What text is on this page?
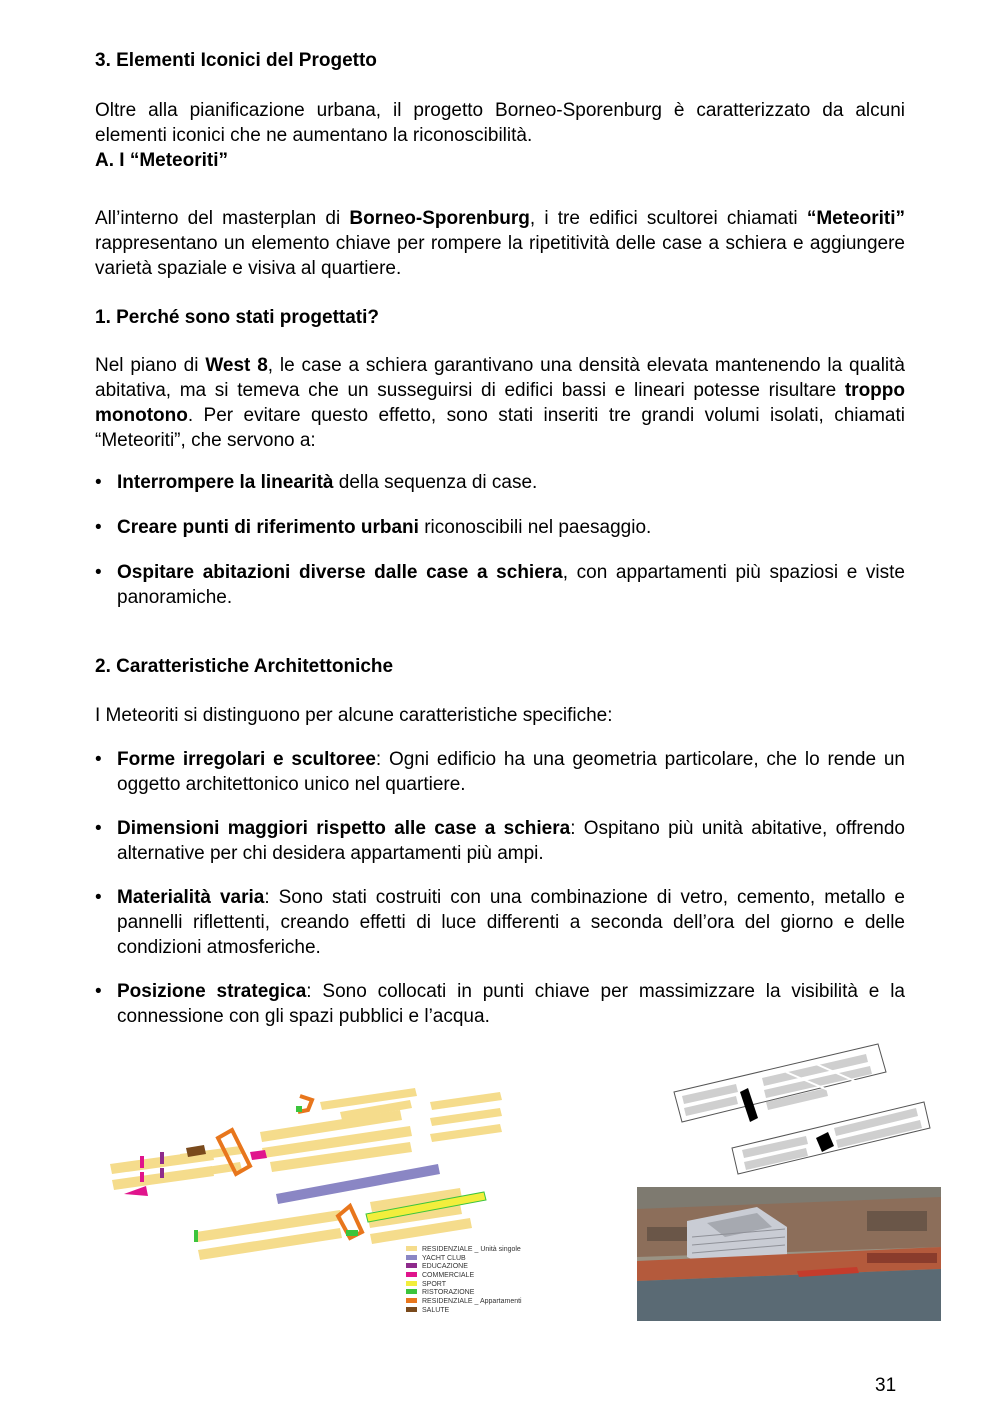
3. Elementi Iconici del Progetto
Oltre alla pianificazione urbana, il progetto Borneo-Sporenburg è caratterizzato da alcuni elementi iconici che ne aumentano la riconoscibilità.
A. I “Meteoriti”
All’interno del masterplan di Borneo-Sporenburg, i tre edifici scultorei chiamati “Meteoriti” rappresentano un elemento chiave per rompere la ripetitività delle case a schiera e aggiungere varietà spaziale e visiva al quartiere.
1. Perché sono stati progettati?
Nel piano di West 8, le case a schiera garantivano una densità elevata mantenendo la qualità abitativa, ma si temeva che un susseguirsi di edifici bassi e lineari potesse risultare troppo monotono. Per evitare questo effetto, sono stati inseriti tre grandi volumi isolati, chiamati “Meteoriti”, che servono a:
• Interrompere la linearità della sequenza di case.
• Creare punti di riferimento urbani riconoscibili nel paesaggio.
• Ospitare abitazioni diverse dalle case a schiera, con appartamenti più spaziosi e viste panoramiche.
2. Caratteristiche Architettoniche
I Meteoriti si distinguono per alcune caratteristiche specifiche:
• Forme irregolari e scultoree: Ogni edificio ha una geometria particolare, che lo rende un oggetto architettonico unico nel quartiere.
• Dimensioni maggiori rispetto alle case a schiera: Ospitano più unità abitative, offrendo alternative per chi desidera appartamenti più ampi.
• Materialità varia: Sono stati costruiti con una combinazione di vetro, cemento, metallo e pannelli riflettenti, creando effetti di luce differenti a seconda dell’ora del giorno e delle condizioni atmosferiche.
• Posizione strategica: Sono collocati in punti chiave per massimizzare la visibilità e la connessione con gli spazi pubblici e l’acqua.
RESIDENZIALE _ Unità singole
YACHT CLUB
EDUCAZIONE
COMMERCIALE
SPORT
RISTORAZIONE
RESIDENZIALE _ Appartamenti
SALUTE
31
